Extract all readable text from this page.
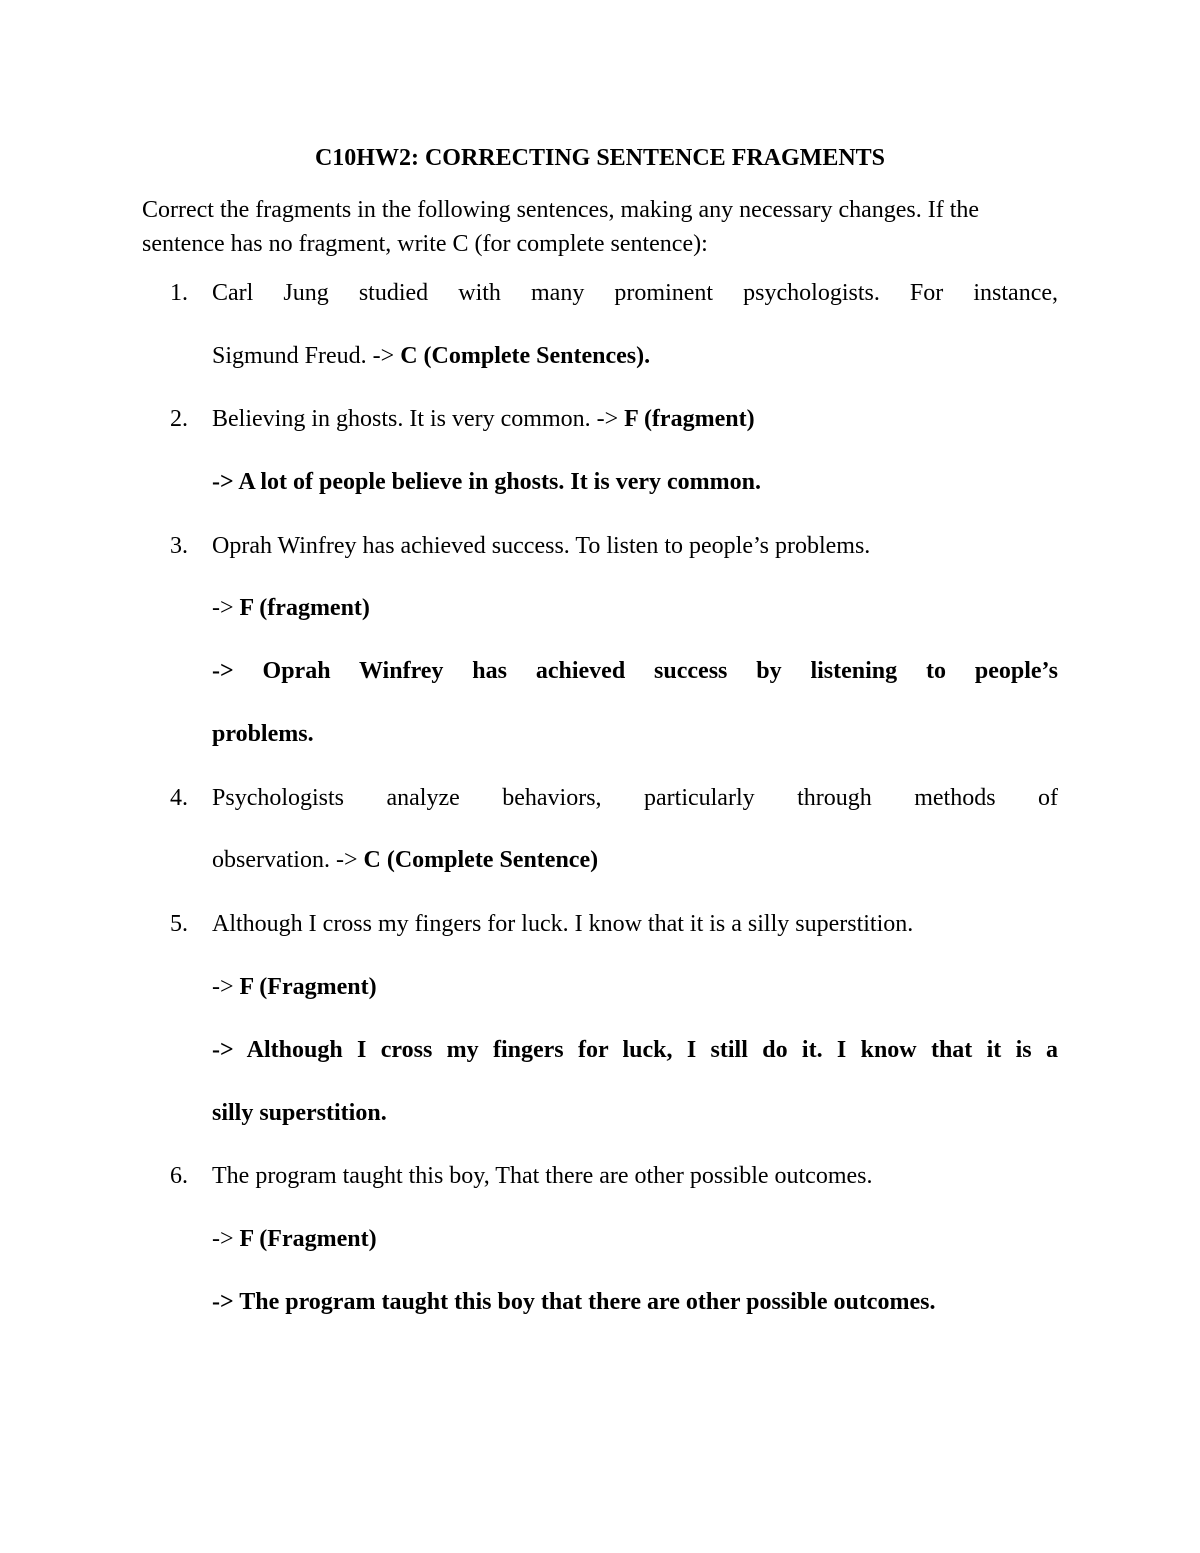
C10HW2: CORRECTING SENTENCE FRAGMENTS
Correct the fragments in the following sentences, making any necessary changes. If the sentence has no fragment, write C (for complete sentence):
1.	Carl Jung studied with many prominent psychologists. For instance,
Sigmund Freud. -> C (Complete Sentences).
2.	Believing in ghosts. It is very common. -> F (fragment)
-> A lot of people believe in ghosts. It is very common.
3.	Oprah Winfrey has achieved success. To listen to people’s problems.
-> F (fragment)
-> Oprah Winfrey has achieved success by listening to people’s
problems.
4.	Psychologists analyze behaviors, particularly through methods of
observation. -> C (Complete Sentence)
5.	Although I cross my fingers for luck. I know that it is a silly superstition.
-> F (Fragment)
-> Although I cross my fingers for luck, I still do it. I know that it is a
silly superstition.
6.	The program taught this boy, That there are other possible outcomes.
-> F (Fragment)
-> The program taught this boy that there are other possible outcomes.
